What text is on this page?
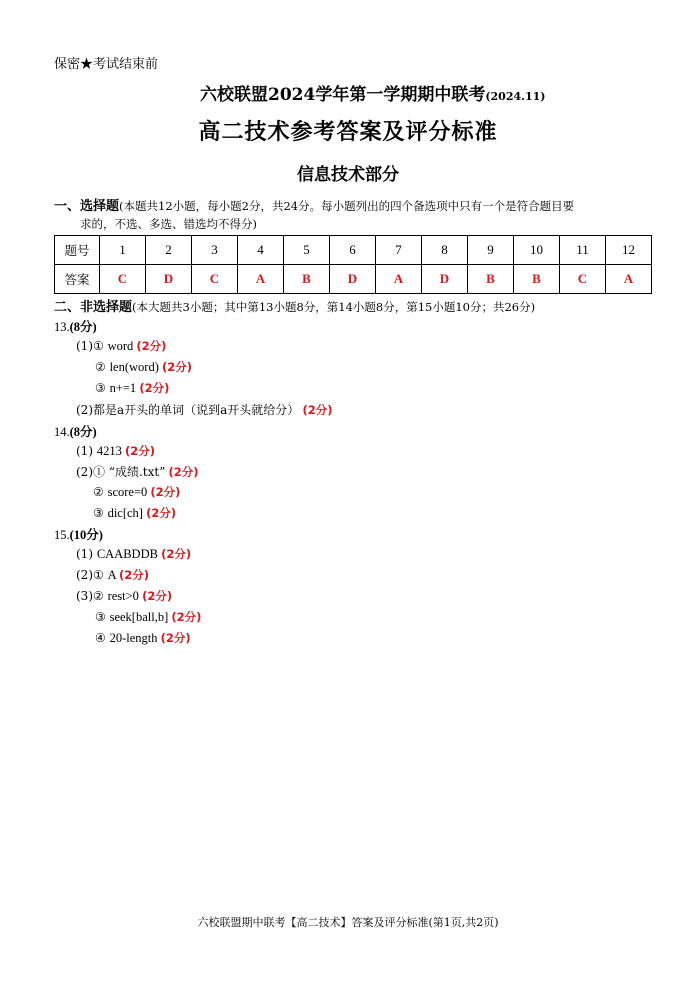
保密★考试结束前
六校联盟2024学年第一学期期中联考(2024.11)
高二技术参考答案及评分标准
信息技术部分
一、选择题(本题共12小题，每小题2分，共24分。每小题列出的四个备选项中只有一个是符合题目要
求的，不选、多选、错选均不得分)
题号	1	2	3	4	5	6	7	8	9	10	11	12
答案	C	D	C	A	B	D	A	D	B	B	C	A
二、非选择题(本大题共3小题；其中第13小题8分，第14小题8分，第15小题10分；共26分)
13.(8分)
(1)① word (2分)
② len(word) (2分)
③ n+=1 (2分)
(2)都是a开头的单词（说到a开头就给分） (2分)
14.(8分)
(1) 4213 (2分)
(2)① “成绩.txt” (2分)
② score=0 (2分)
③ dic[ch] (2分)
15.(10分)
(1) CAABDDB (2分)
(2)① A (2分)
(3)② rest>0 (2分)
③ seek[ball,b] (2分)
④ 20-length (2分)
六校联盟期中联考【高二技术】答案及评分标准(第1页,共2页)
